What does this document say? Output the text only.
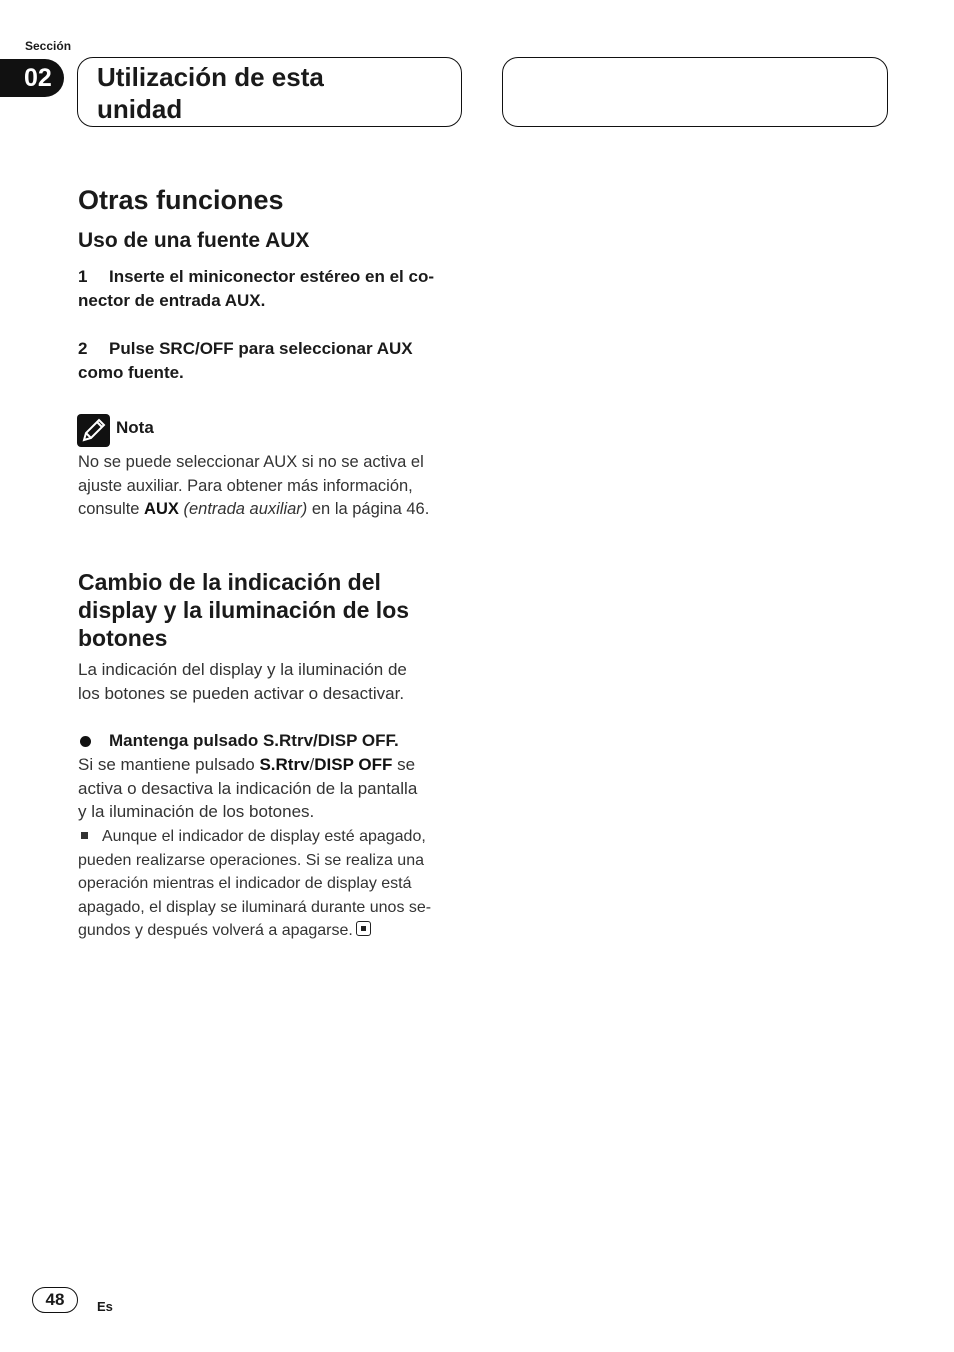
Sección
02 Utilización de esta
unidad
Otras funciones
Uso de una fuente AUX
1 Inserte el miniconector estéreo en el co-
nector de entrada AUX.
2 Pulse SRC/OFF para seleccionar AUX
como fuente.
Nota
No se puede seleccionar AUX si no se activa el
ajuste auxiliar. Para obtener más información,
consulte AUX (entrada auxiliar) en la página 46.
Cambio de la indicación del
display y la iluminación de los
botones
La indicación del display y la iluminación de
los botones se pueden activar o desactivar.
Mantenga pulsado S.Rtrv/DISP OFF.
Si se mantiene pulsado S.Rtrv/DISP OFF se
activa o desactiva la indicación de la pantalla
y la iluminación de los botones.
Aunque el indicador de display esté apagado,
pueden realizarse operaciones. Si se realiza una
operación mientras el indicador de display está
apagado, el display se iluminará durante unos se-
gundos y después volverá a apagarse.
48	Es
